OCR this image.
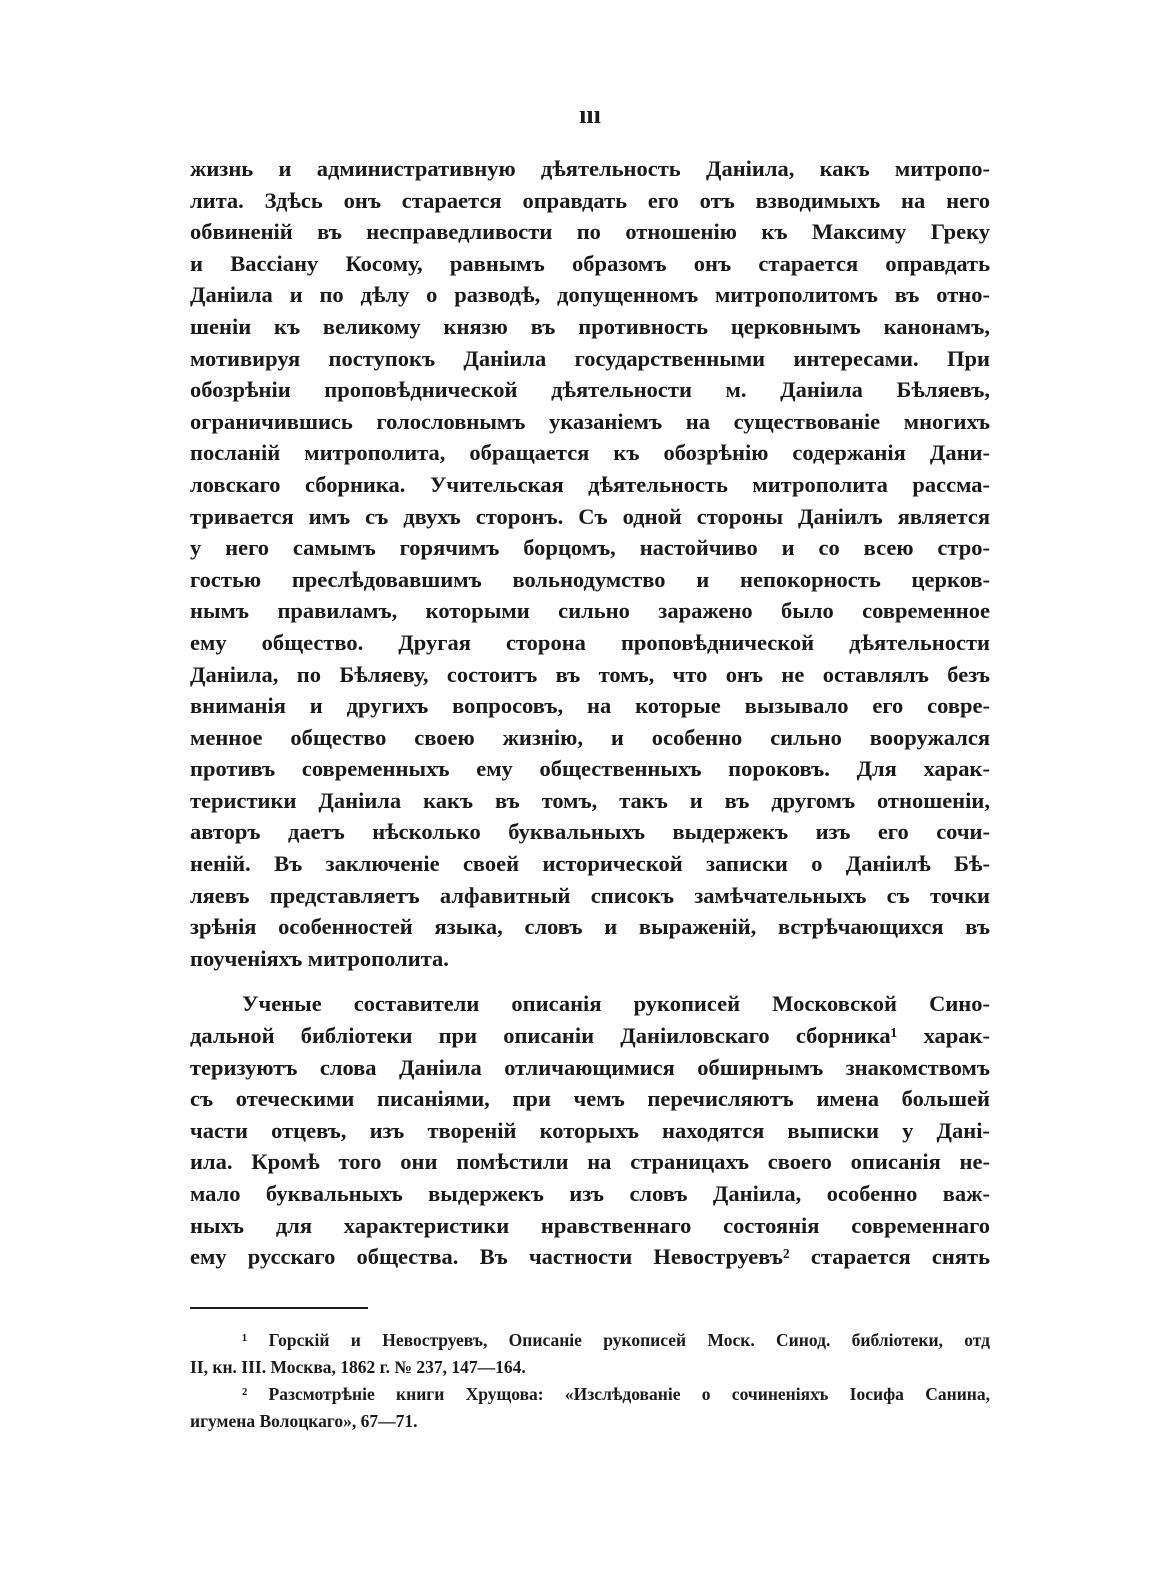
ııı
жизнь и административную дѣятельность Данiила, какъ митропо-
лита. Здѣсь онъ старается оправдать его отъ взводимыхъ на него
обвиненiй въ несправедливости по отношенiю къ Максиму Греку
и Вассiану Косому, равнымъ образомъ онъ старается оправдать
Данiила и по дѣлу о разводѣ, допущенномъ митрополитомъ въ отно-
шенiи къ великому князю въ противность церковнымъ канонамъ,
мотивируя поступокъ Данiила государственными интересами. При
обозрѣнiи проповѣднической дѣятельности м. Данiила Бѣляевъ,
ограничившись голословнымъ указанiемъ на существованiе многихъ
посланiй митрополита, обращается къ обозрѣнiю содержанiя Дани-
ловскаго сборника. Учительская дѣятельность митрополита рассма-
тривается имъ съ двухъ сторонъ. Съ одной стороны Данiилъ является
у него самымъ горячимъ борцомъ, настойчиво и со всею стро-
гостью преслѣдовавшимъ вольнодумство и непокорность церков-
нымъ правиламъ, которыми сильно заражено было современное
ему общество. Другая сторона проповѣднической дѣятельности
Данiила, по Бѣляеву, состоитъ въ томъ, что онъ не оставлялъ безъ
вниманiя и другихъ вопросовъ, на которые вызывало его совре-
менное общество своею жизнiю, и особенно сильно вооружался
противъ современныхъ ему общественныхъ пороковъ. Для харак-
теристики Данiила какъ въ томъ, такъ и въ другомъ отношенiи,
авторъ даетъ нѣсколько буквальныхъ выдержекъ изъ его сочи-
ненiй. Въ заключенiе своей исторической записки о Данiилѣ Бѣ-
ляевъ представляетъ алфавитный списокъ замѣчательныхъ съ точки
зрѣнiя особенностей языка, словъ и выраженiй, встрѣчающихся въ
поученiяхъ митрополита.
Ученые составители описанiя рукописей Московской Сино-
дальной библiотеки при описанiи Данiиловскаго сборника¹ харак-
теризуютъ слова Данiила отличающимися обширнымъ знакомствомъ
съ отеческими писанiями, при чемъ перечисляютъ имена большей
части отцевъ, изъ творенiй которыхъ находятся выписки у Данi-
ила. Кромѣ того они помѣстили на страницахъ своего описанiя не-
мало буквальныхъ выдержекъ изъ словъ Данiила, особенно важ-
ныхъ для характеристики нравственнаго состоянiя современнаго
ему русскаго общества. Въ частности Невоструевъ² старается снять
¹ Горскiй и Невоструевъ, Описанiе рукописей Моск. Синод. библiотеки, отд
II, кн. III. Москва, 1862 г. № 237, 147—164.
² Разсмотрѣнiе книги Хрущова: «Изслѣдованiе о сочиненiяхъ Iосифа Санина,
игумена Волоцкаго», 67—71.
